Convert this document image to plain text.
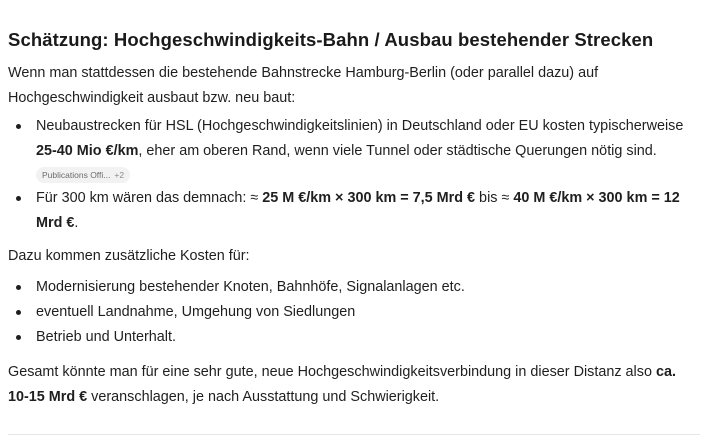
Schätzung: Hochgeschwindigkeits-Bahn / Ausbau bestehender Strecken

Wenn man stattdessen die bestehende Bahnstrecke Hamburg-Berlin (oder parallel dazu) auf Hochgeschwindigkeit ausbaut bzw. neu baut:

Neubaustrecken für HSL (Hochgeschwindigkeitslinien) in Deutschland oder EU kosten typischerweise 25-40 Mio €/km, eher am oberen Rand, wenn viele Tunnel oder städtische Querungen nötig sind.
Publications Offi... +2
Für 300 km wären das demnach: ≈ 25 M €/km × 300 km = 7,5 Mrd € bis ≈ 40 M €/km × 300 km = 12 Mrd €.

Dazu kommen zusätzliche Kosten für:

Modernisierung bestehender Knoten, Bahnhöfe, Signalanlagen etc.
eventuell Landnahme, Umgehung von Siedlungen
Betrieb und Unterhalt.

Gesamt könnte man für eine sehr gute, neue Hochgeschwindigkeitsverbindung in dieser Distanz also ca. 10-15 Mrd € veranschlagen, je nach Ausstattung und Schwierigkeit.
